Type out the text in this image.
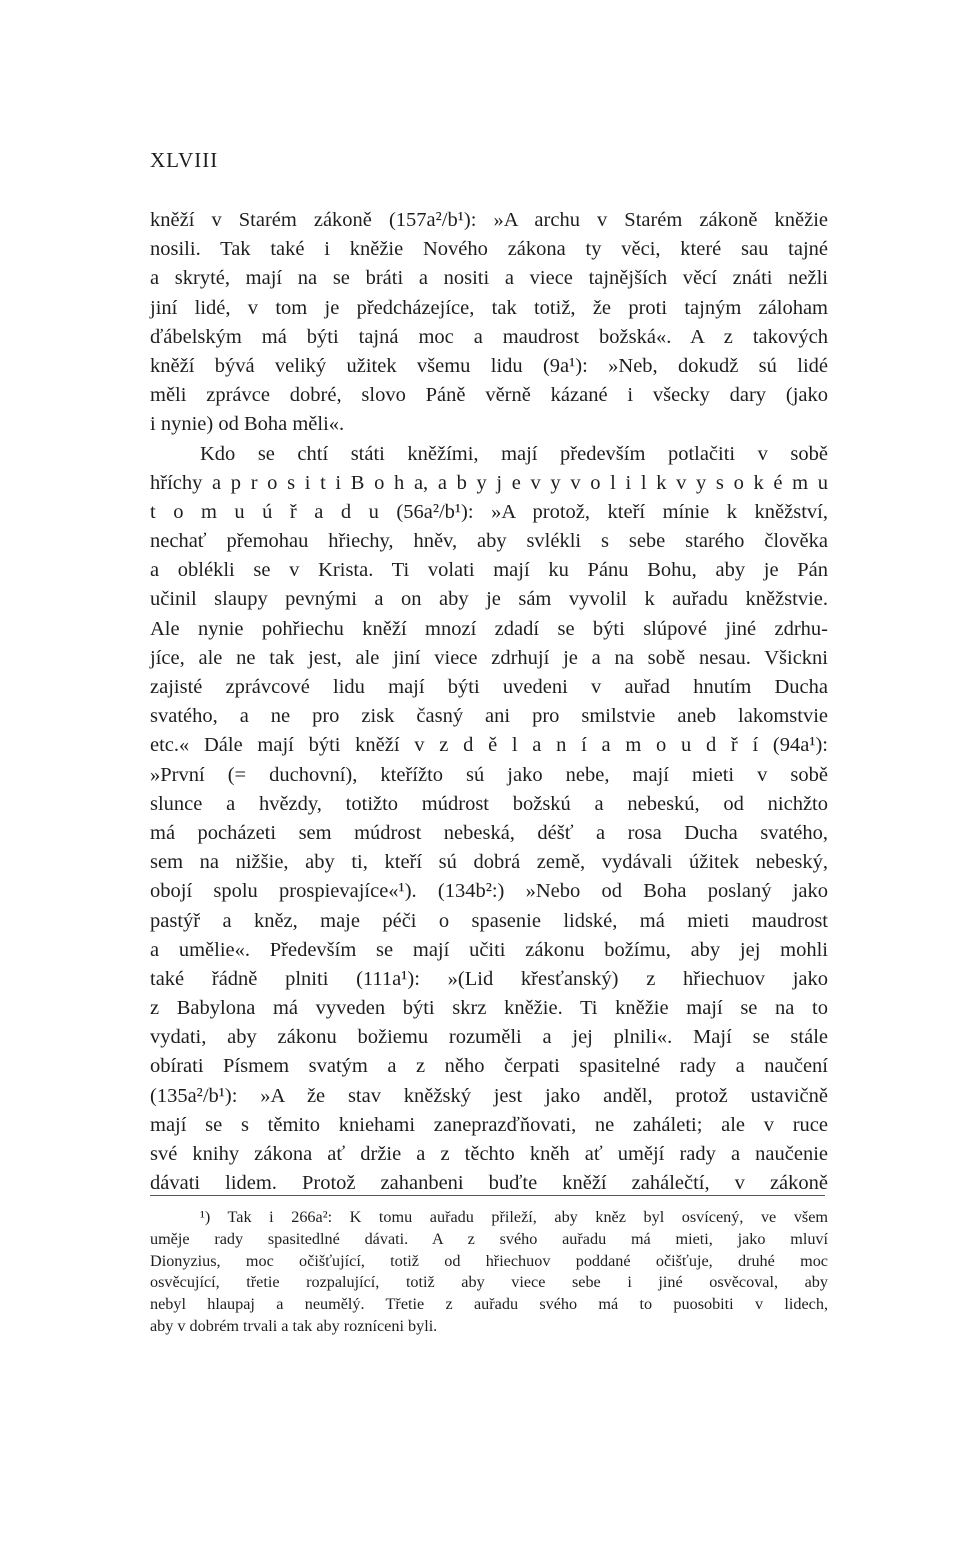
XLVIII
kněží v Starém zákoně (157a²/b¹): »A archu v Starém zákoně kněžie
nosili. Tak také i kněžie Nového zákona ty věci, které sau tajné
a skryté, mají na se bráti a nositi a viece tajnějších věcí znáti nežli
jiní lidé, v tom je předcházejíce, tak totiž, že proti tajným záloham
ďábelským má býti tajná moc a maudrost božská«. A z takových
kněží bývá veliký užitek všemu lidu (9a¹): »Neb, dokudž sú lidé
měli zprávce dobré, slovo Páně věrně kázané i všecky dary (jako
i nynie) od Boha měli«.
Kdo se chtí státi kněžími, mají především potlačiti v sobě
hříchy a p r o s i t i B o h a, a b y j e v y v o l i l k v y s o k é m u
t o m u ú ř a d u (56a²/b¹): »A protož, kteří mínie k kněžství,
nechať přemohau hřiechy, hněv, aby svlékli s sebe starého člověka
a oblékli se v Krista. Ti volati mají ku Pánu Bohu, aby je Pán
učinil slaupy pevnými a on aby je sám vyvolil k auřadu kněžstvie.
Ale nynie pohřiechu kněží mnozí zdadí se býti slúpové jiné zdrhu-
jíce, ale ne tak jest, ale jiní viece zdrhují je a na sobě nesau. Všickni
zajisté zprávcové lidu mají býti uvedeni v auřad hnutím Ducha
svatého, a ne pro zisk časný ani pro smilstvie aneb lakomstvie
etc.« Dále mají býti kněží v z d ě l a n í a m o u d ř í (94a¹):
»První (= duchovní), kteřížto sú jako nebe, mají mieti v sobě
slunce a hvězdy, totižto múdrost božskú a nebeskú, od nichžto
má pocházeti sem múdrost nebeská, déšť a rosa Ducha svatého,
sem na nižšie, aby ti, kteří sú dobrá země, vydávali úžitek nebeský,
obojí spolu prospievajíce«¹). (134b²:) »Nebo od Boha poslaný jako
pastýř a kněz, maje péči o spasenie lidské, má mieti maudrost
a umělie«. Především se mají učiti zákonu božímu, aby jej mohli
také řádně plniti (111a¹): »(Lid křesťanský) z hřiechuov jako
z Babylona má vyveden býti skrz kněžie. Ti kněžie mají se na to
vydati, aby zákonu božiemu rozuměli a jej plnili«. Mají se stále
obírati Písmem svatým a z něho čerpati spasitelné rady a naučení
(135a²/b¹): »A že stav kněžský jest jako anděl, protož ustavičně
mají se s těmito kniehami zaneprazďňovati, ne zaháleti; ale v ruce
své knihy zákona ať držie a z těchto kněh ať umějí rady a naučenie
dávati lidem. Protož zahanbeni buďte kněží zahálečtí, v zákoně
¹) Tak i 266a²: K tomu auřadu přileží, aby kněz byl osvícený, ve všem
uměje rady spasitedlné dávati. A z svého auřadu má mieti, jako mluví
Dionyzius, moc očišťující, totiž od hřiechuov poddané očišťuje, druhé moc
osvěcující, třetie rozpalující, totiž aby viece sebe i jiné osvěcoval, aby
nebyl hlaupaj a neumělý. Třetie z auřadu svého má to puosobiti v lidech,
aby v dobrém trvali a tak aby rozníceni byli.
